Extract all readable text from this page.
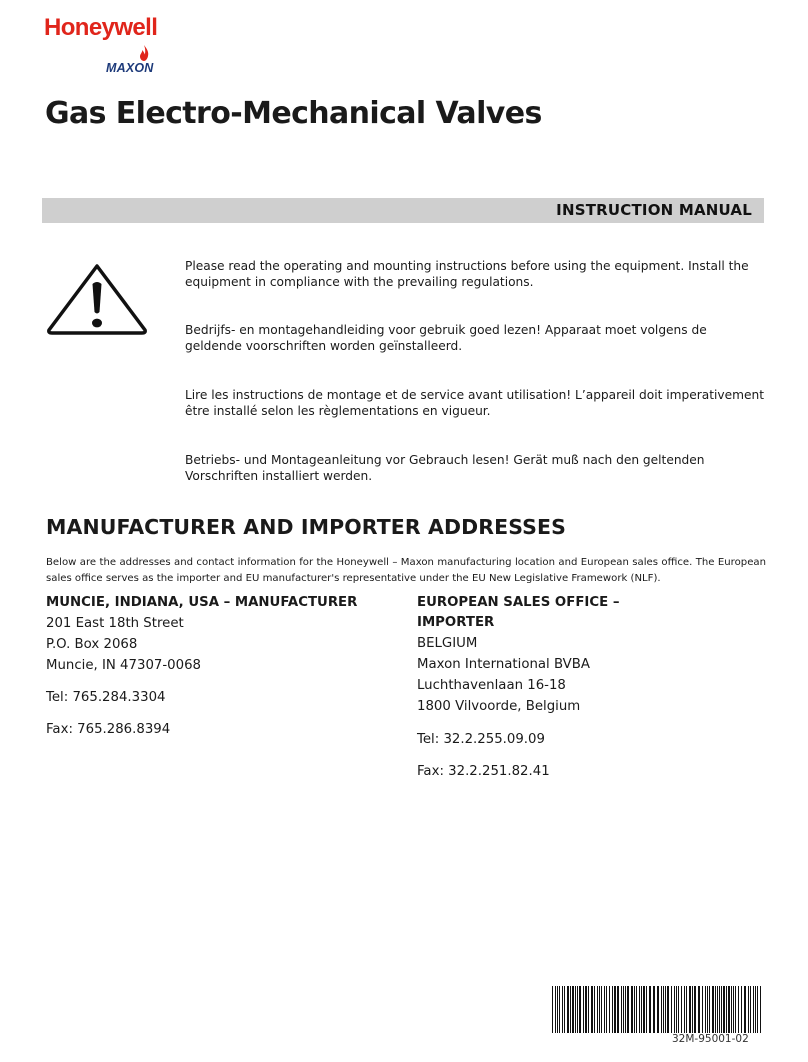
Honeywell
MAXON
Gas Electro-Mechanical Valves
INSTRUCTION MANUAL
Please read the operating and mounting instructions before using the equipment. Install the equipment in compliance with the prevailing regulations.
Bedrijfs- en montagehandleiding voor gebruik goed lezen! Apparaat moet volgens de geldende voorschriften worden geïnstalleerd.
Lire les instructions de montage et de service avant utilisation! L’appareil doit imperativement être installé selon les règlementations en vigueur.
Betriebs- und Montageanleitung vor Gebrauch lesen! Gerät muß nach den geltenden Vorschriften installiert werden.
MANUFACTURER AND IMPORTER ADDRESSES
Below are the addresses and contact information for the Honeywell – Maxon manufacturing location and European sales office. The European sales office serves as the importer and EU manufacturer's representative under the EU New Legislative Framework (NLF).
MUNCIE, INDIANA, USA – MANUFACTURER
201 East 18th Street
P.O. Box 2068
Muncie, IN 47307-0068
Tel: 765.284.3304
Fax: 765.286.8394
EUROPEAN SALES OFFICE –
IMPORTER
BELGIUM
Maxon International BVBA
Luchthavenlaan 16-18
1800 Vilvoorde, Belgium
Tel: 32.2.255.09.09
Fax: 32.2.251.82.41
32M-95001-02
